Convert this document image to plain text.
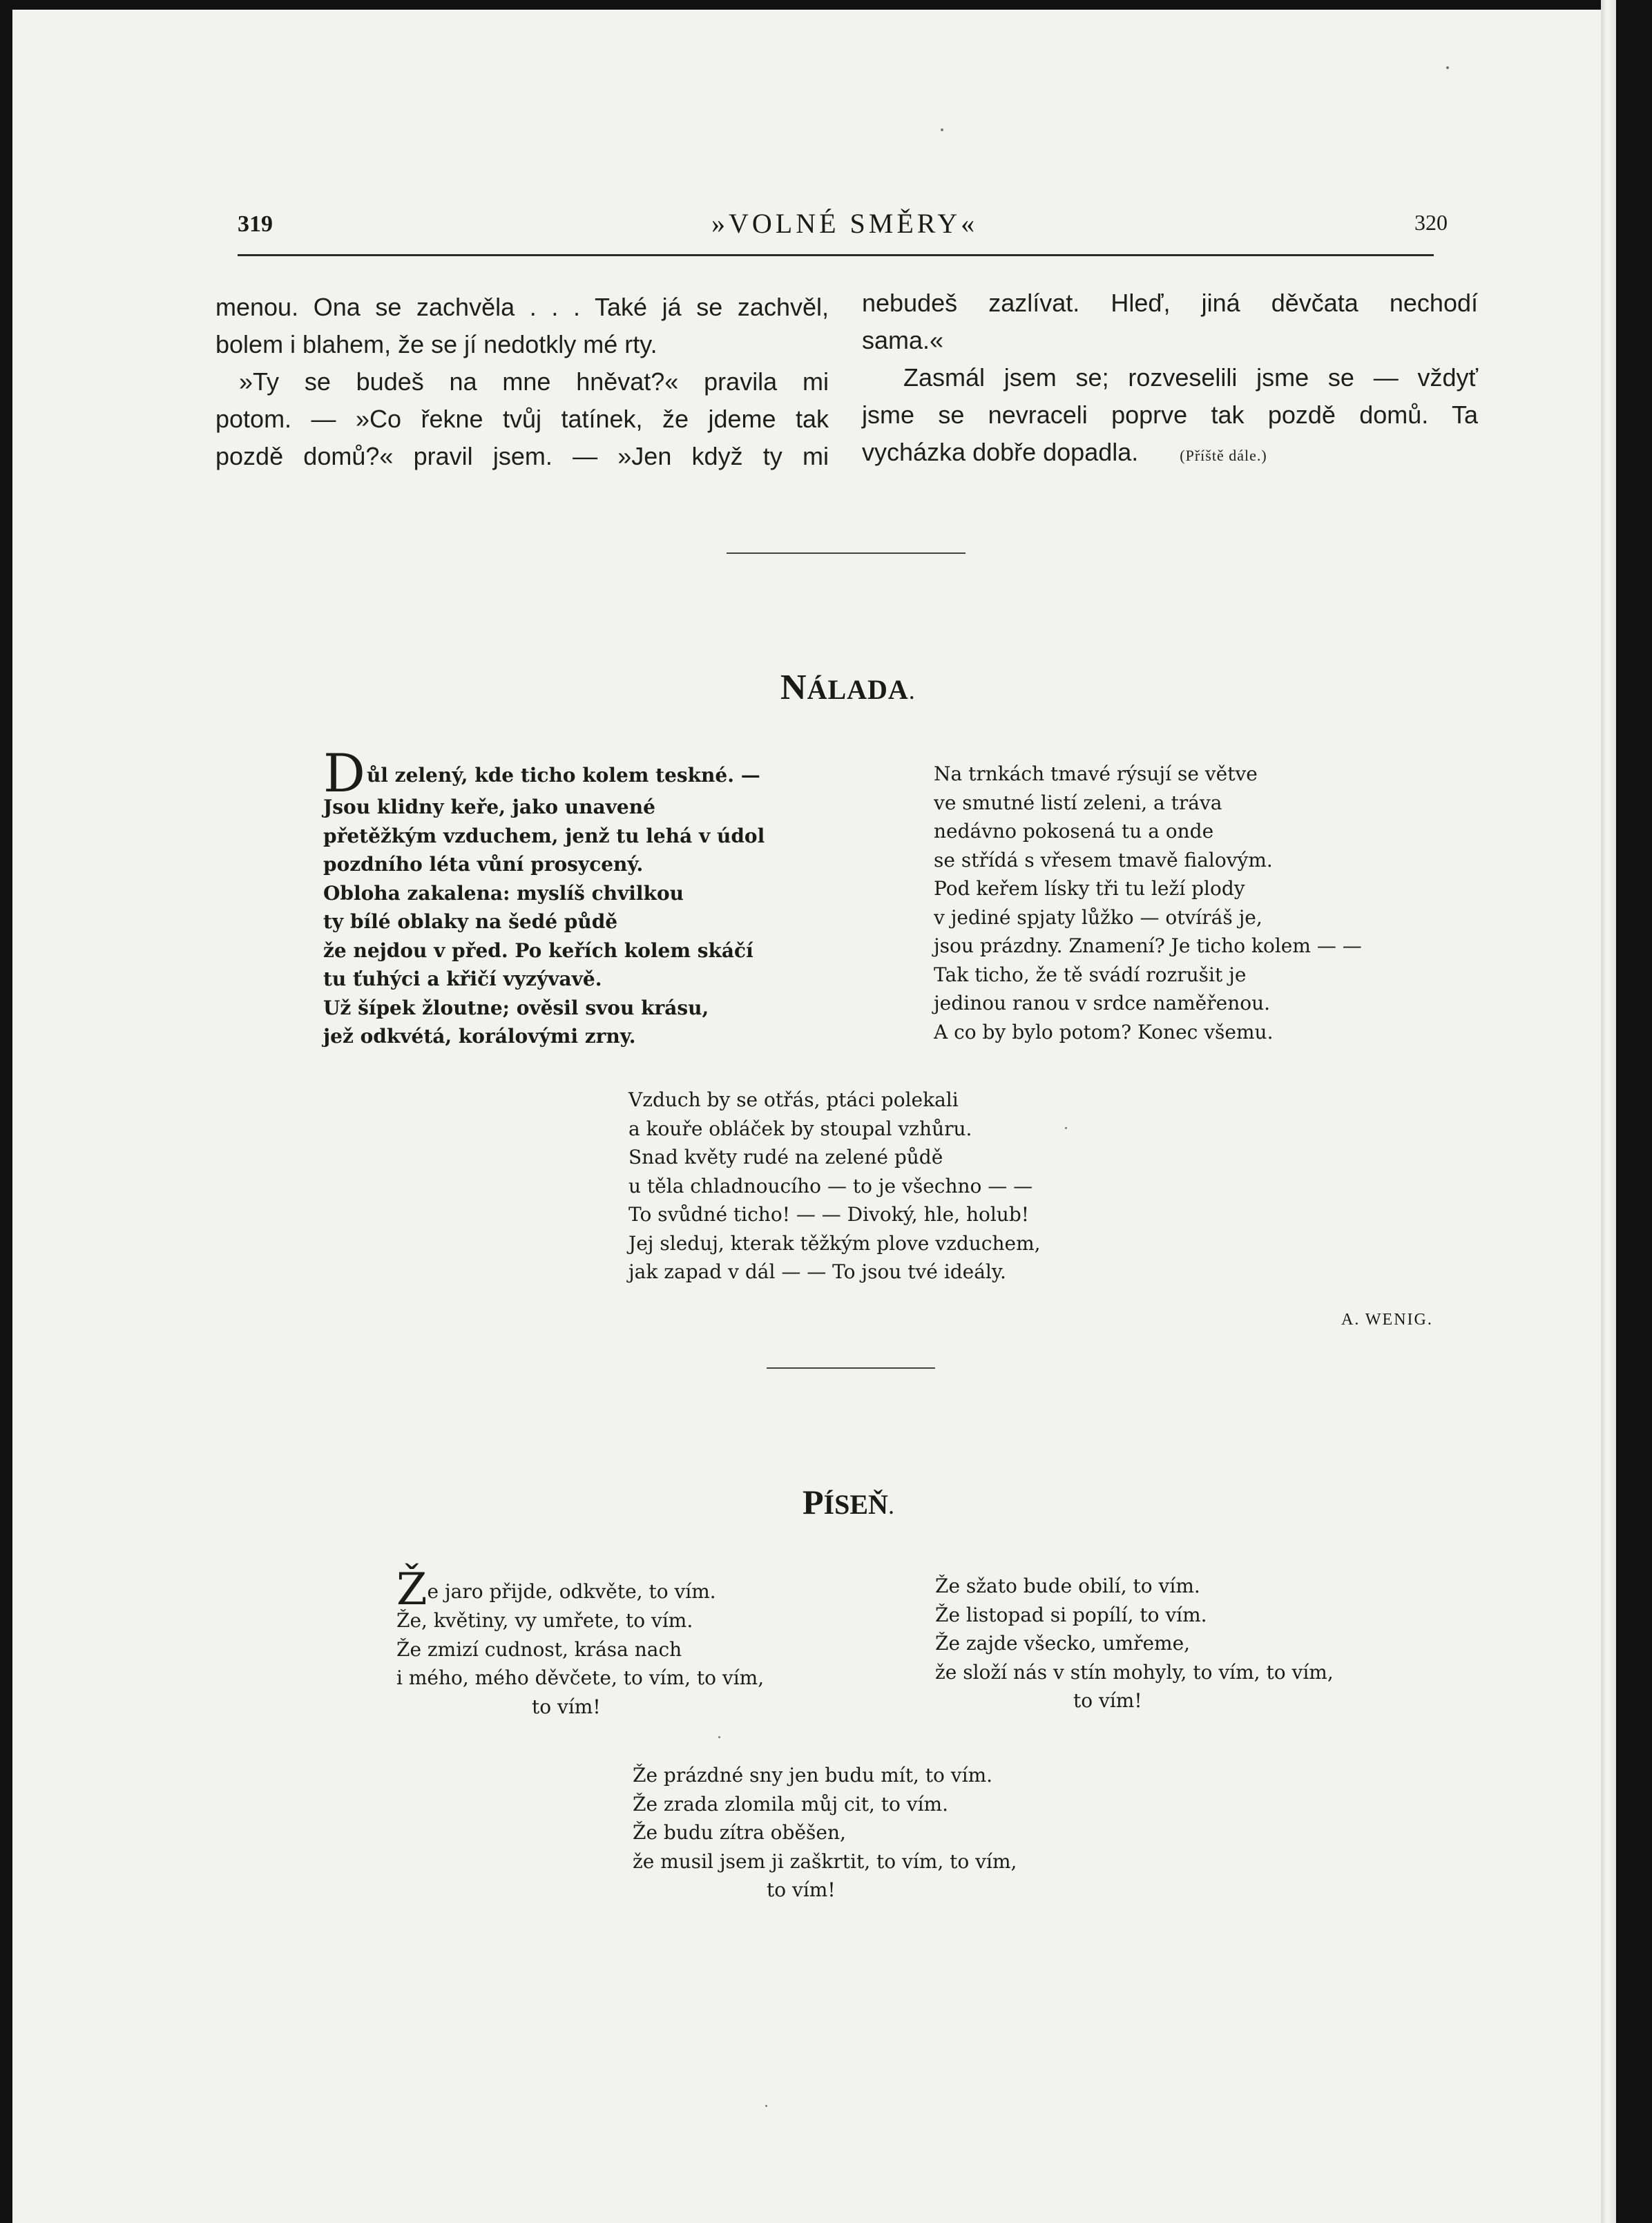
319	»VOLNÉ SMĚRY«	320

menou. Ona se zachvěla . . . Také já se zachvěl,

bolem i blahem, že se jí nedotkly mé rty.

»Ty se budeš na mne hněvat?« pravila mi

potom. — »Co řekne tvůj tatínek, že jdeme tak

pozdě domů?« pravil jsem. — »Jen když ty mi

nebudeš zazlívat. Hleď, jiná děvčata nechodí

sama.«

Zasmál jsem se; rozveselili jsme se — vždyť

jsme se nevraceli poprve tak pozdě domů. Ta

vycházka dobře dopadla.	(Příště dále.)

NÁLADA.
Důl zelený, kde ticho kolem teskné. —
Jsou klidny keře, jako unavené
přetěžkým vzduchem, jenž tu lehá v údol
pozdního léta vůní prosycený.
Obloha zakalena: myslíš chvilkou
ty bílé oblaky na šedé půdě
že nejdou v před. Po keřích kolem skáčí
tu ťuhýci a křičí vyzývavě.
Už šípek žloutne; ověsil svou krásu,
jež odkvétá, korálovými zrny.
Na trnkách tmavé rýsují se větve
ve smutné listí zeleni, a tráva
nedávno pokosená tu a onde
se střídá s vřesem tmavě fialovým.
Pod keřem lísky tři tu leží plody
v jediné spjaty lůžko — otvíráš je,
jsou prázdny. Znamení? Je ticho kolem — —
Tak ticho, že tě svádí rozrušit je
jedinou ranou v srdce naměřenou.
A co by bylo potom? Konec všemu.
Vzduch by se otřás, ptáci polekali
a kouře obláček by stoupal vzhůru.
Snad květy rudé na zelené půdě
u těla chladnoucího — to je všechno — —
To svůdné ticho! — — Divoký, hle, holub!
Jej sleduj, kterak těžkým plove vzduchem,
jak zapad v dál — — To jsou tvé ideály.
A. WENIG.
PÍSEŇ.
Že jaro přijde, odkvěte, to vím.
Že, květiny, vy umřete, to vím.
Že zmizí cudnost, krása nach
i mého, mého děvčete, to vím, to vím,
to vím!
Že sžato bude obilí, to vím.
Že listopad si popílí, to vím.
Že zajde všecko, umřeme,
že složí nás v stín mohyly, to vím, to vím,
to vím!
Že prázdné sny jen budu mít, to vím.
Že zrada zlomila můj cit, to vím.
Že budu zítra oběšen,
že musil jsem ji zaškrtit, to vím, to vím,
to vím!
